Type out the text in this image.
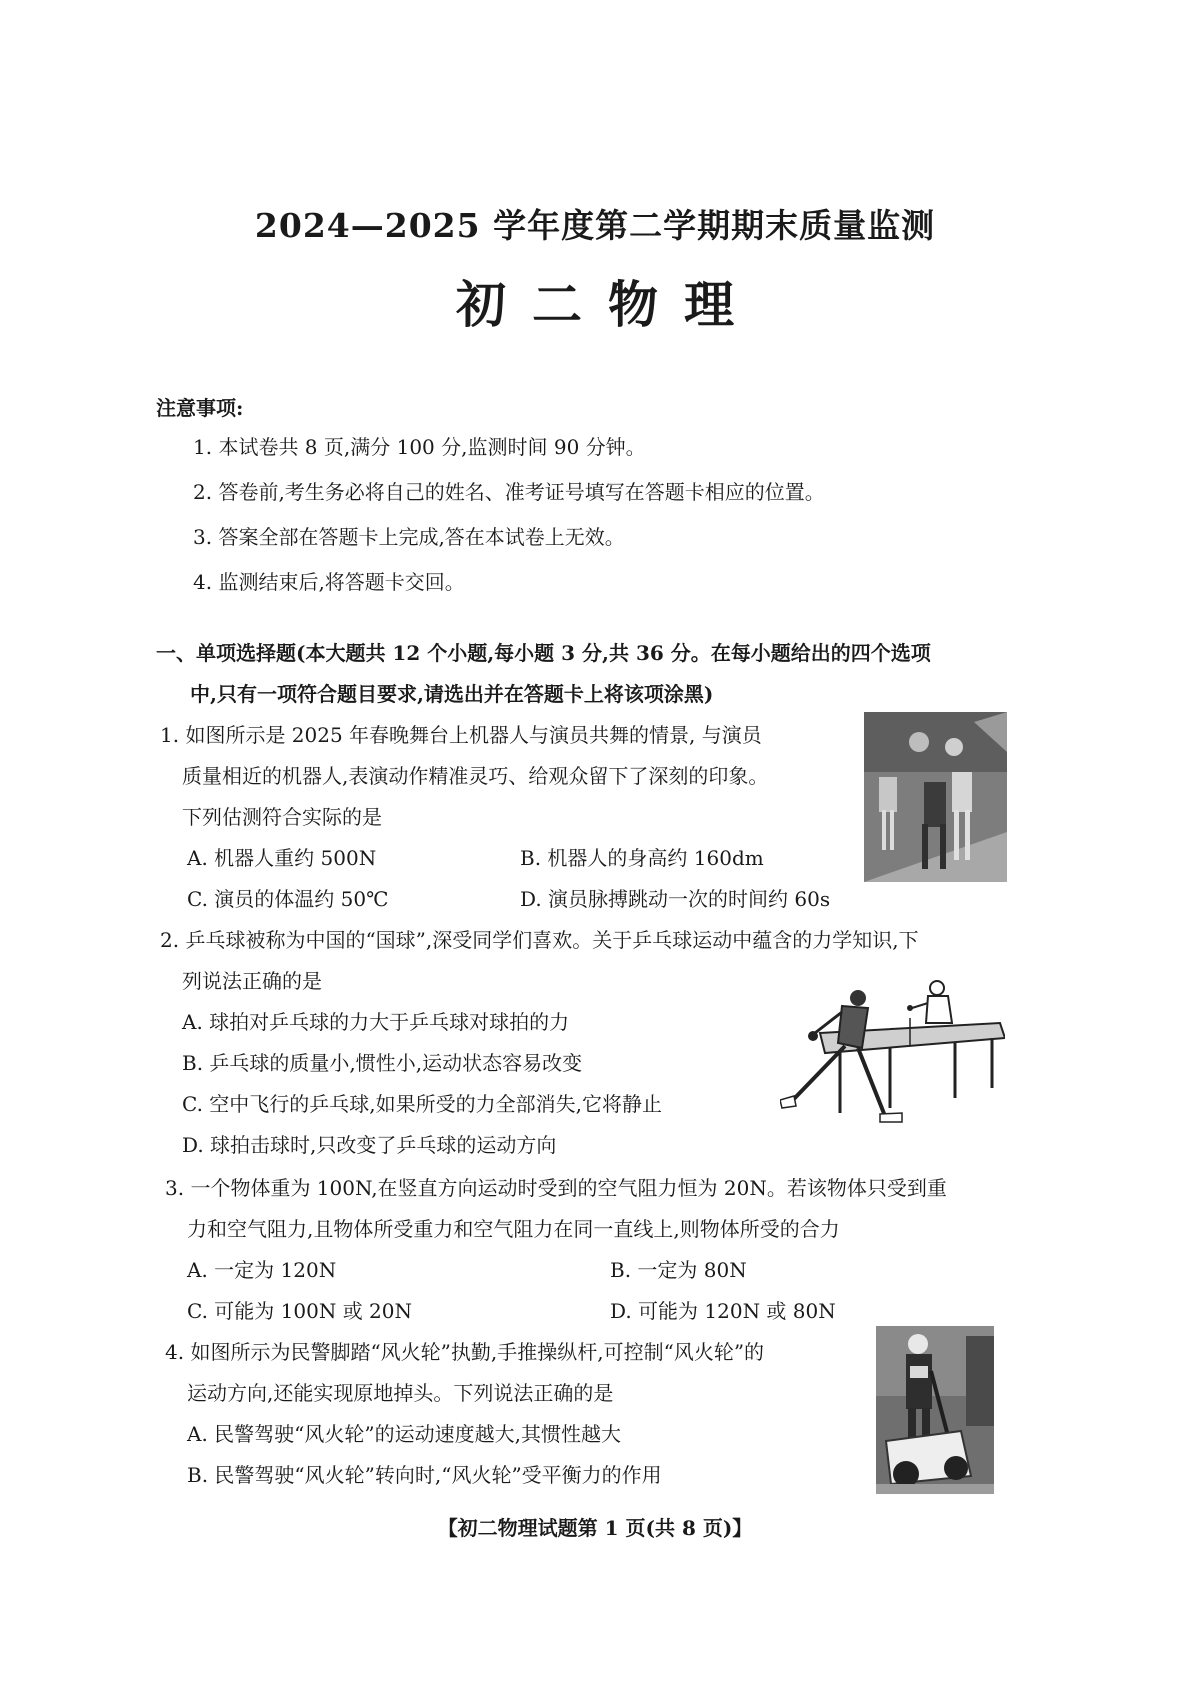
2024—2025 学年度第二学期期末质量监测
初二物理
注意事项:
1. 本试卷共 8 页,满分 100 分,监测时间 90 分钟。
2. 答卷前,考生务必将自己的姓名、准考证号填写在答题卡相应的位置。
3. 答案全部在答题卡上完成,答在本试卷上无效。
4. 监测结束后,将答题卡交回。
一、单项选择题(本大题共 12 个小题,每小题 3 分,共 36 分。在每小题给出的四个选项
中,只有一项符合题目要求,请选出并在答题卡上将该项涂黑)
1. 如图所示是 2025 年春晚舞台上机器人与演员共舞的情景, 与演员
质量相近的机器人,表演动作精准灵巧、给观众留下了深刻的印象。
下列估测符合实际的是
A. 机器人重约 500N	B. 机器人的身高约 160dm
C. 演员的体温约 50℃	D. 演员脉搏跳动一次的时间约 60s
2. 乒乓球被称为中国的“国球”,深受同学们喜欢。关于乒乓球运动中蕴含的力学知识,下
列说法正确的是
A. 球拍对乒乓球的力大于乒乓球对球拍的力
B. 乒乓球的质量小,惯性小,运动状态容易改变
C. 空中飞行的乒乓球,如果所受的力全部消失,它将静止
D. 球拍击球时,只改变了乒乓球的运动方向
3. 一个物体重为 100N,在竖直方向运动时受到的空气阻力恒为 20N。若该物体只受到重
力和空气阻力,且物体所受重力和空气阻力在同一直线上,则物体所受的合力
A. 一定为 120N	B. 一定为 80N
C. 可能为 100N 或 20N	D. 可能为 120N 或 80N
4. 如图所示为民警脚踏“风火轮”执勤,手推操纵杆,可控制“风火轮”的
运动方向,还能实现原地掉头。下列说法正确的是
A. 民警驾驶“风火轮”的运动速度越大,其惯性越大
B. 民警驾驶“风火轮”转向时,“风火轮”受平衡力的作用
【初二物理试题第 1 页(共 8 页)】
